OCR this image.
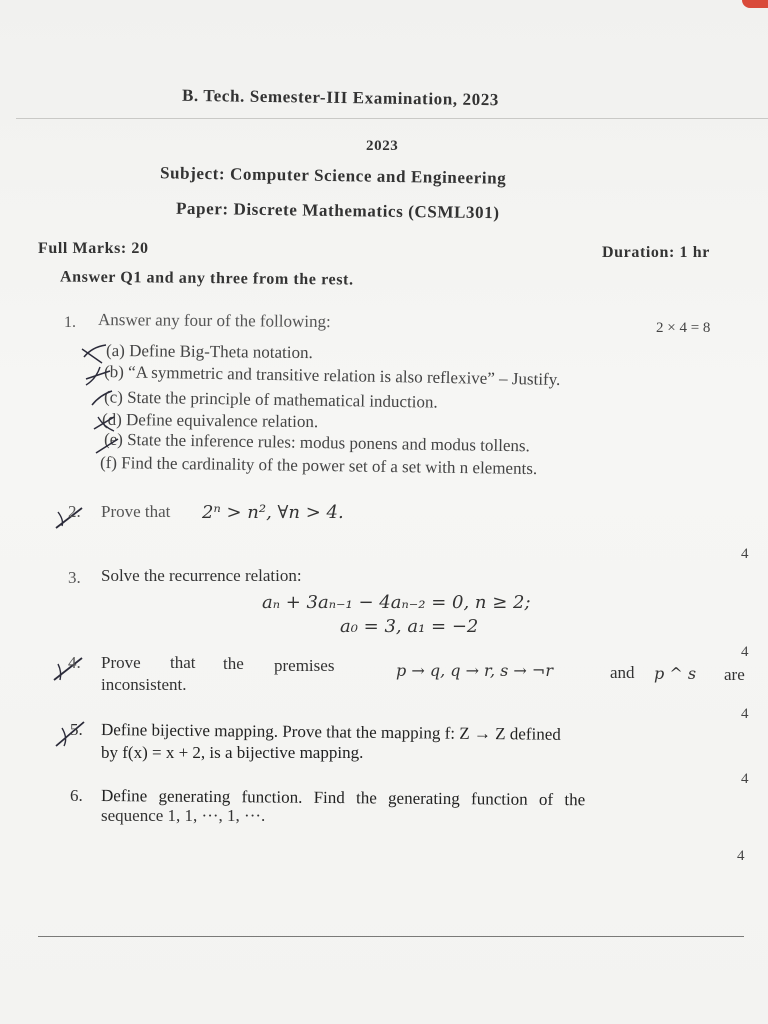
B. Tech. Semester-III Examination, 2023
2023
Subject: Computer Science and Engineering
Paper: Discrete Mathematics (CSML301)
Full Marks: 20	Duration: 1 hr
Answer Q1 and any three from the rest.
1. Answer any four of the following:	2 × 4 = 8
(a) Define Big-Theta notation.
(b) “A symmetric and transitive relation is also reflexive” – Justify.
(c) State the principle of mathematical induction.
(d) Define equivalence relation.
(e) State the inference rules: modus ponens and modus tollens.
(f) Find the cardinality of the power set of a set with n elements.
2. Prove that 2ⁿ > n², ∀n > 4.
4
3. Solve the recurrence relation:
aₙ + 3aₙ₋₁ − 4aₙ₋₂ = 0, n ≥ 2;
a₀ = 3, a₁ = −2
4
4. Prove that the premises	p → q, q → r, s → ¬r	and p ^ s are
inconsistent.
4
5. Define bijective mapping. Prove that the mapping f: Z → Z defined
by f(x) = x + 2, is a bijective mapping.
4
6. Define generating function. Find the generating function of the
sequence 1, 1, ···, 1, ···.
4
